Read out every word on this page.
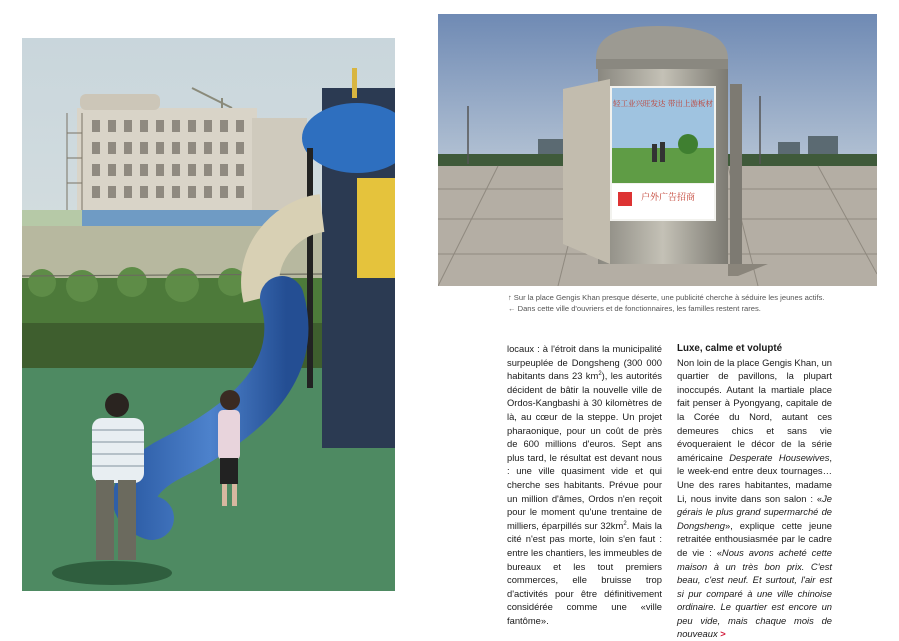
轻工业兴旺发达 带出上游板材
户外广告招商
↑ Sur la place Gengis Khan presque déserte, une publicité cherche à séduire les jeunes actifs.
← Dans cette ville d'ouvriers et de fonctionnaires, les familles restent rares.

locaux : à l'étroit dans la municipalité surpeuplée de Dongsheng (300 000 habitants dans 23 $km^2$), les autorités décident de bâtir la nouvelle ville de Ordos-Kangbashi à 30 kilomètres de là, au cœur de la steppe. Un projet pharaonique, pour un coût de près de 600 millions d'euros. Sept ans plus tard, le résultat est devant nous : une ville quasiment vide et qui cherche ses habitants. Prévue pour un million d'âmes, Ordos n'en reçoit pour le moment qu'une trentaine de milliers, éparpillés sur $32km^2$. Mais la cité n'est pas morte, loin s'en faut : entre les chantiers, les immeubles de bureaux et les tout premiers commerces, elle bruisse trop d'activités pour être définitivement considérée comme une «ville fantôme».

Luxe, calme et volupté

Non loin de la place Gengis Khan, un quartier de pavillons, la plupart inoccupés. Autant la martiale place fait penser à Pyongyang, capitale de la Corée du Nord, autant ces demeures chics et sans vie évoqueraient le décor de la série américaine Desperate Housewives, le week-end entre deux tournages… Une des rares habitantes, madame Li, nous invite dans son salon : «Je gérais le plus grand supermarché de Dongsheng», explique cette jeune retraitée enthousiasmée par le cadre de vie : «Nous avons acheté cette maison à un très bon prix. C'est beau, c'est neuf. Et surtout, l'air est si pur comparé à une ville chinoise ordinaire. Le quartier est encore un peu vide, mais chaque mois de nouveaux >
